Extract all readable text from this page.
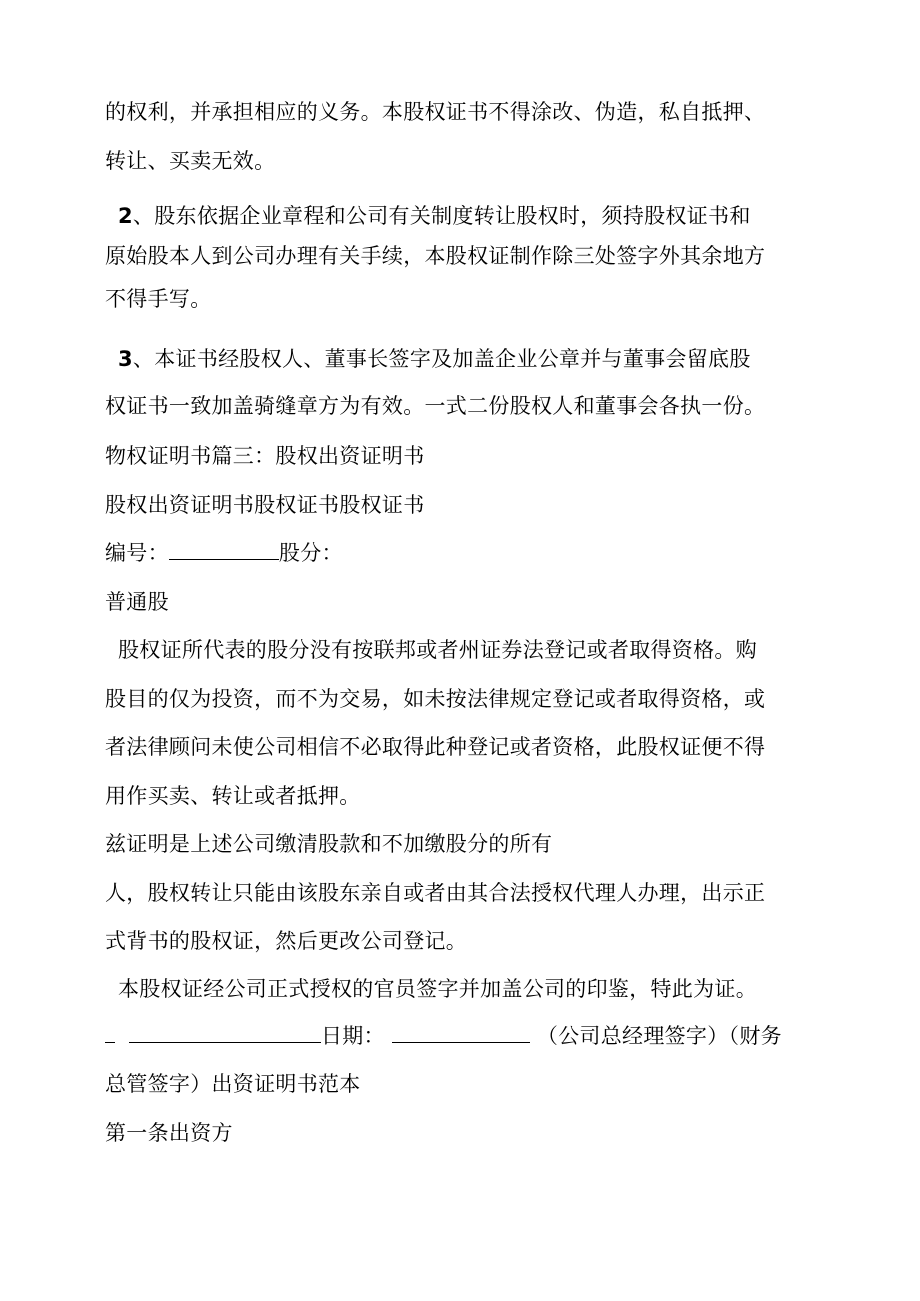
的权利，并承担相应的义务。本股权证书不得涂改、伪造，私自抵押、
转让、买卖无效。
2、股东依据企业章程和公司有关制度转让股权时，须持股权证书和
原始股本人到公司办理有关手续，本股权证制作除三处签字外其余地方
不得手写。
3、本证书经股权人、董事长签字及加盖企业公章并与董事会留底股
权证书一致加盖骑缝章方为有效。一式二份股权人和董事会各执一份。
物权证明书篇三：股权出资证明书
股权出资证明书股权证书股权证书
编号：	股分：
普通股
股权证所代表的股分没有按联邦或者州证券法登记或者取得资格。购
股目的仅为投资，而不为交易，如未按法律规定登记或者取得资格，或
者法律顾问未使公司相信不必取得此种登记或者资格，此股权证便不得
用作买卖、转让或者抵押。
兹证明是上述公司缴清股款和不加缴股分的所有
人，股权转让只能由该股东亲自或者由其合法授权代理人办理，出示正
式背书的股权证，然后更改公司登记。
本股权证经公司正式授权的官员签字并加盖公司的印鉴，特此为证。
日期：	（公司总经理签字）（财务
总管签字）出资证明书范本
第一条出资方
